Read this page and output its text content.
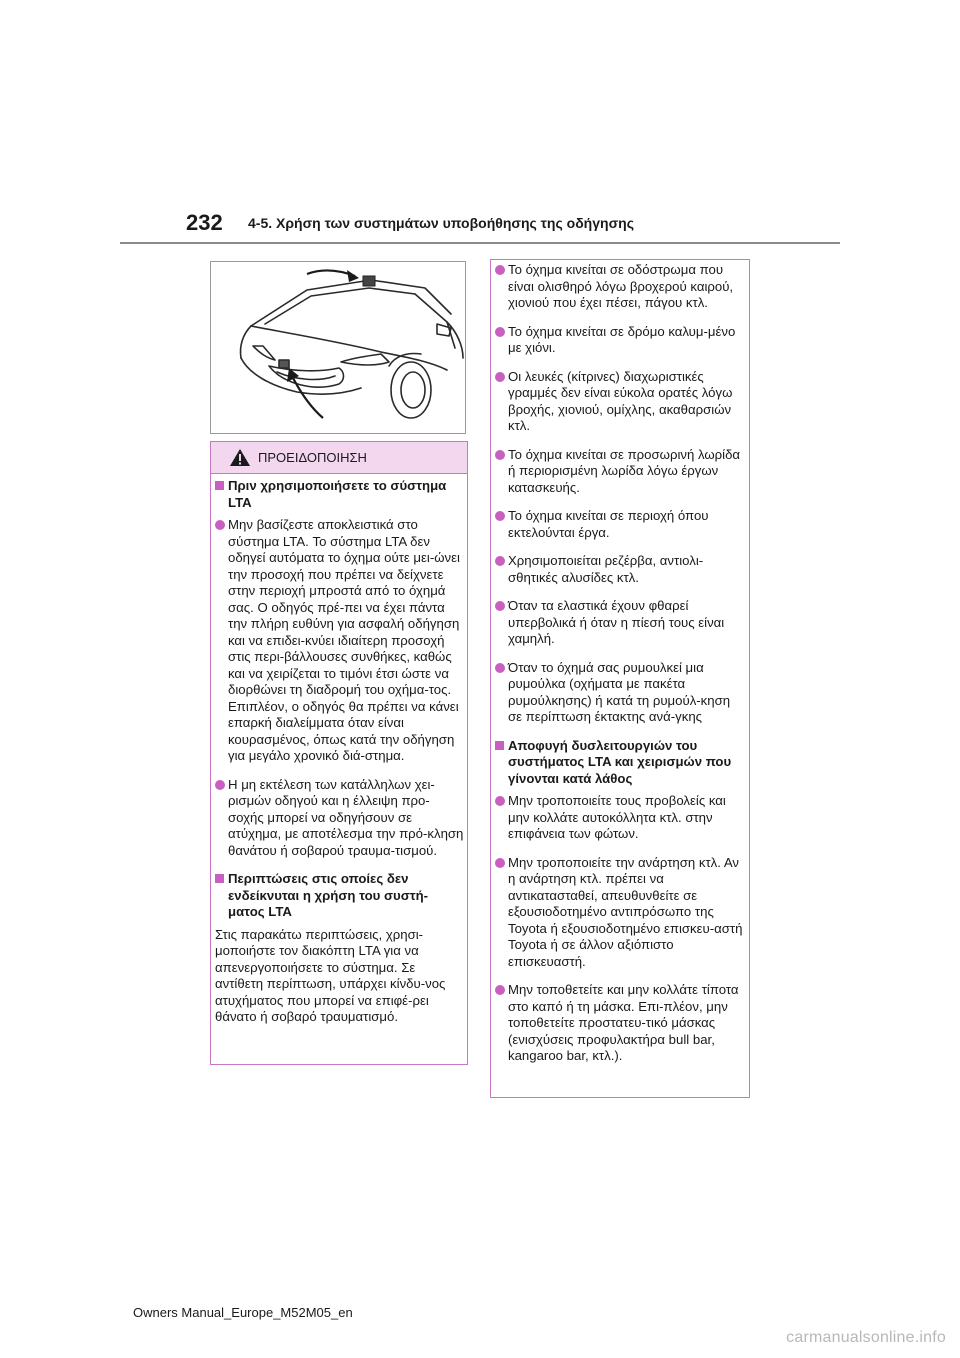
232 4-5. Χρήση των συστημάτων υποβοήθησης της οδήγησης
ΠΡΟΕΙΔΟΠΟΙΗΣΗ
Πριν χρησιμοποιήσετε το σύστημα LTA
Μην βασίζεστε αποκλειστικά στο σύστημα LTA. Το σύστημα LTA δεν οδηγεί αυτόματα το όχημα ούτε μει-ώνει την προσοχή που πρέπει να δείχνετε στην περιοχή μπροστά από το όχημά σας. Ο οδηγός πρέ-πει να έχει πάντα την πλήρη ευθύνη για ασφαλή οδήγηση και να επιδει-κνύει ιδιαίτερη προσοχή στις περι-βάλλουσες συνθήκες, καθώς και να χειρίζεται το τιμόνι έτσι ώστε να διορθώνει τη διαδρομή του οχήμα-τος. Επιπλέον, ο οδηγός θα πρέπει να κάνει επαρκή διαλείμματα όταν είναι κουρασμένος, όπως κατά την οδήγηση για μεγάλο χρονικό διά-στημα.
Η μη εκτέλεση των κατάλληλων χει-ρισμών οδηγού και η έλλειψη προ-σοχής μπορεί να οδηγήσουν σε ατύχημα, με αποτέλεσμα την πρό-κληση θανάτου ή σοβαρού τραυμα-τισμού.
Περιπτώσεις στις οποίες δεν ενδείκνυται η χρήση του συστή-ματος LTA
Στις παρακάτω περιπτώσεις, χρησι-μοποιήστε τον διακόπτη LTA για να απενεργοποιήσετε το σύστημα. Σε αντίθετη περίπτωση, υπάρχει κίνδυ-νος ατυχήματος που μπορεί να επιφέ-ρει θάνατο ή σοβαρό τραυματισμό.
Το όχημα κινείται σε οδόστρωμα που είναι ολισθηρό λόγω βροχερού καιρού, χιονιού που έχει πέσει, πάγου κτλ.
Το όχημα κινείται σε δρόμο καλυμ-μένο με χιόνι.
Οι λευκές (κίτρινες) διαχωριστικές γραμμές δεν είναι εύκολα ορατές λόγω βροχής, χιονιού, ομίχλης, ακαθαρσιών κτλ.
Το όχημα κινείται σε προσωρινή λωρίδα ή περιορισμένη λωρίδα λόγω έργων κατασκευής.
Το όχημα κινείται σε περιοχή όπου εκτελούνται έργα.
Χρησιμοποιείται ρεζέρβα, αντιολι-σθητικές αλυσίδες κτλ.
Όταν τα ελαστικά έχουν φθαρεί υπερβολικά ή όταν η πίεσή τους είναι χαμηλή.
Όταν το όχημά σας ρυμουλκεί μια ρυμούλκα (οχήματα με πακέτα ρυμούλκησης) ή κατά τη ρυμούλ-κηση σε περίπτωση έκτακτης ανά-γκης
Αποφυγή δυσλειτουργιών του συστήματος LTA και χειρισμών που γίνονται κατά λάθος
Μην τροποποιείτε τους προβολείς και μην κολλάτε αυτοκόλλητα κτλ. στην επιφάνεια των φώτων.
Μην τροποποιείτε την ανάρτηση κτλ. Αν η ανάρτηση κτλ. πρέπει να αντικατασταθεί, απευθυνθείτε σε εξουσιοδοτημένο αντιπρόσωπο της Toyota ή εξουσιοδοτημένο επισκευ-αστή Toyota ή σε άλλον αξιόπιστο επισκευαστή.
Μην τοποθετείτε και μην κολλάτε τίποτα στο καπό ή τη μάσκα. Επι-πλέον, μην τοποθετείτε προστατευ-τικό μάσκας (ενισχύσεις προφυλακτήρα bull bar, kangaroo bar, κτλ.).
Owners Manual_Europe_M52M05_en
carmanualsonline.info
